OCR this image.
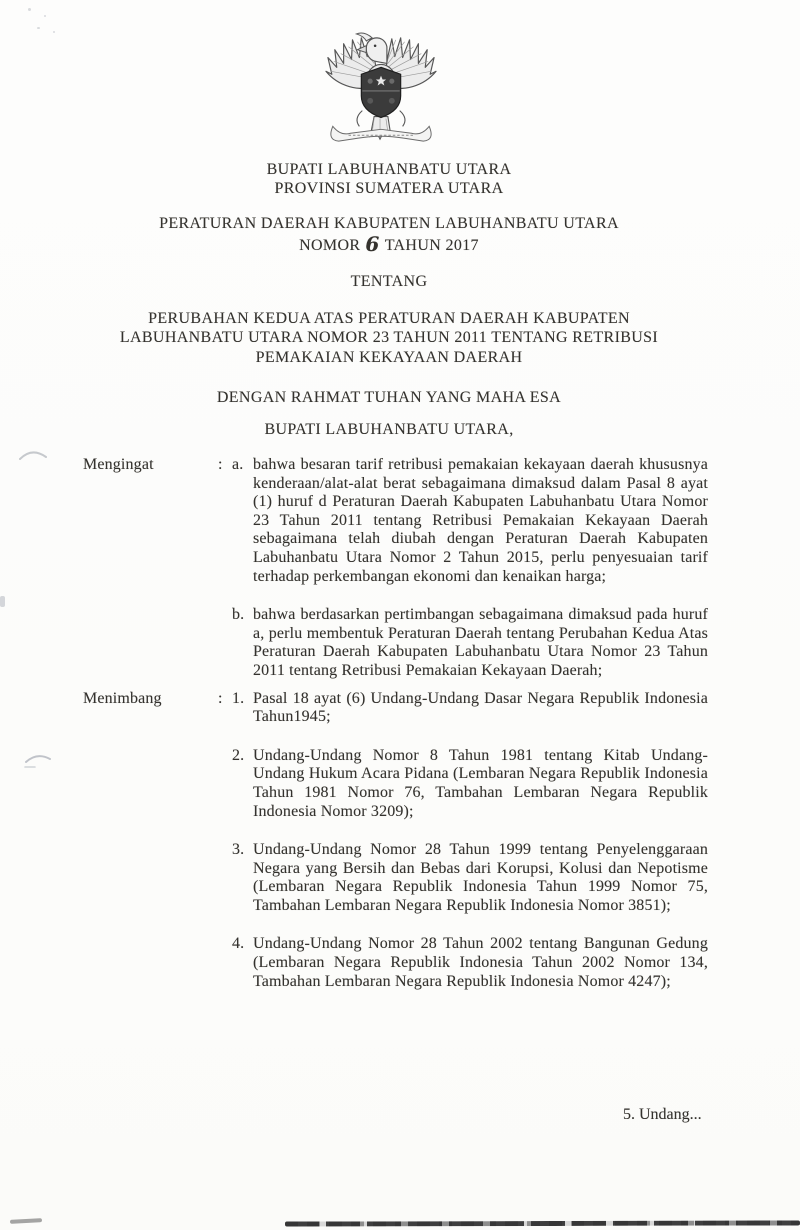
BUPATI LABUHANBATU UTARA
PROVINSI SUMATERA UTARA
PERATURAN DAERAH KABUPATEN LABUHANBATU UTARA
NOMOR 6 TAHUN 2017
TENTANG
PERUBAHAN KEDUA ATAS PERATURAN DAERAH KABUPATEN
LABUHANBATU UTARA NOMOR 23 TAHUN 2011 TENTANG RETRIBUSI
PEMAKAIAN KEKAYAAN DAERAH
DENGAN RAHMAT TUHAN YANG MAHA ESA
BUPATI LABUHANBATU UTARA,
Mengingat	: a. bahwa besaran tarif retribusi pemakaian kekayaan daerah khususnya kenderaan/alat-alat berat sebagaimana dimaksud dalam Pasal 8 ayat (1) huruf d Peraturan Daerah Kabupaten Labuhanbatu Utara Nomor 23 Tahun 2011 tentang Retribusi Pemakaian Kekayaan Daerah sebagaimana telah diubah dengan Peraturan Daerah Kabupaten Labuhanbatu Utara Nomor 2 Tahun 2015, perlu penyesuaian tarif terhadap perkembangan ekonomi dan kenaikan harga;

b. bahwa berdasarkan pertimbangan sebagaimana dimaksud pada huruf a, perlu membentuk Peraturan Daerah tentang Perubahan Kedua Atas Peraturan Daerah Kabupaten Labuhanbatu Utara Nomor 23 Tahun 2011 tentang Retribusi Pemakaian Kekayaan Daerah;

Menimbang	: 1. Pasal 18 ayat (6) Undang-Undang Dasar Negara Republik Indonesia Tahun1945;

2. Undang-Undang Nomor 8 Tahun 1981 tentang Kitab Undang-Undang Hukum Acara Pidana (Lembaran Negara Republik Indonesia Tahun 1981 Nomor 76, Tambahan Lembaran Negara Republik Indonesia Nomor 3209);

3. Undang-Undang Nomor 28 Tahun 1999 tentang Penyelenggaraan Negara yang Bersih dan Bebas dari Korupsi, Kolusi dan Nepotisme (Lembaran Negara Republik Indonesia Tahun 1999 Nomor 75, Tambahan Lembaran Negara Republik Indonesia Nomor 3851);

4. Undang-Undang Nomor 28 Tahun 2002 tentang Bangunan Gedung (Lembaran Negara Republik Indonesia Tahun 2002 Nomor 134, Tambahan Lembaran Negara Republik Indonesia Nomor 4247);

5. Undang...
